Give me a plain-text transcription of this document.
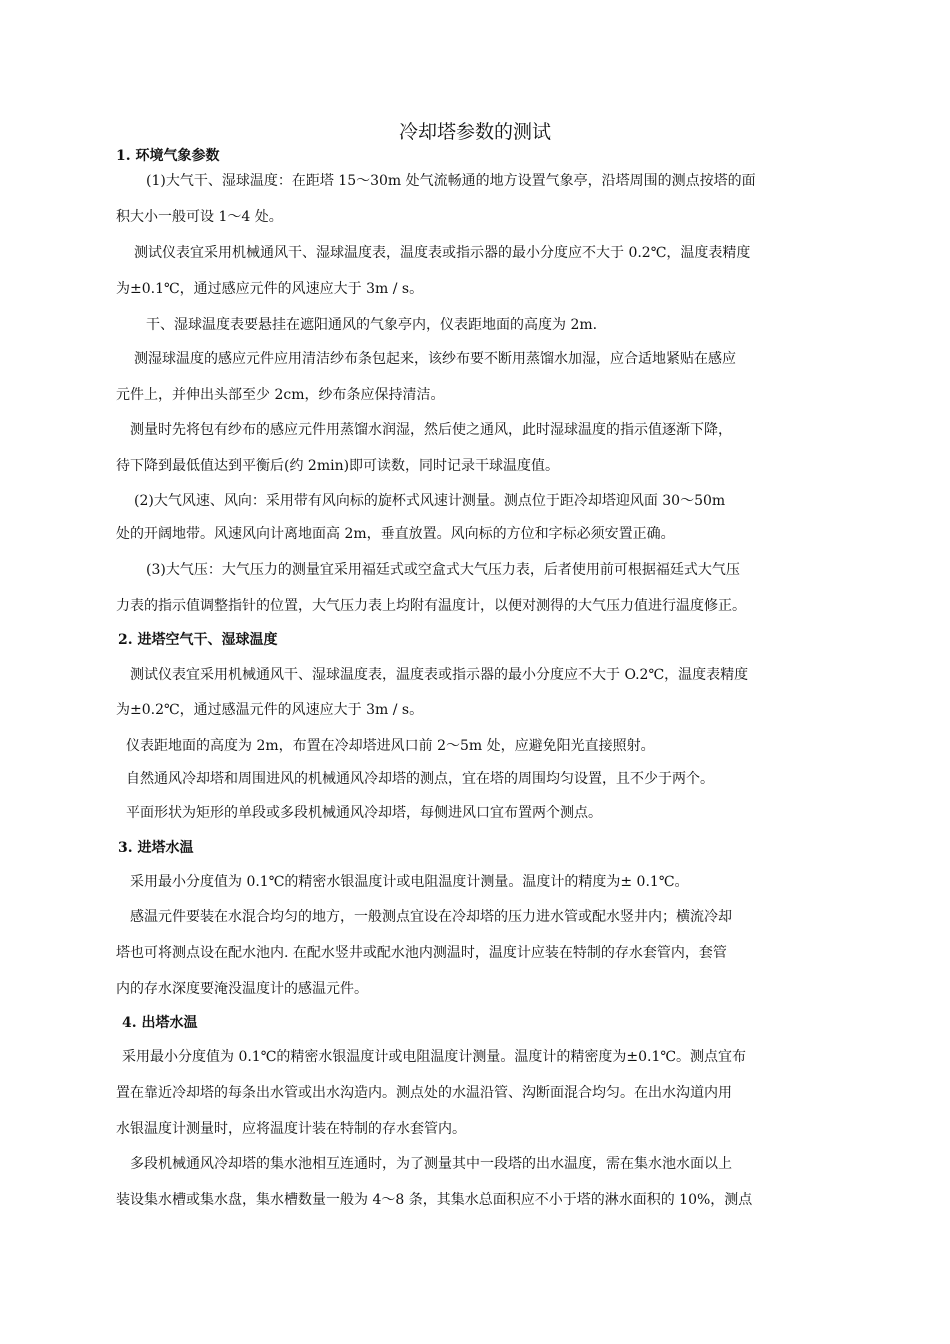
冷却塔参数的测试
1. 环境气象参数
(1)大气干、湿球温度：在距塔 15～30m 处气流畅通的地方设置气象亭，沿塔周围的测点按塔的面
积大小一般可设 1～4 处。
测试仪表宜采用机械通风干、湿球温度表，温度表或指示器的最小分度应不大于 0.2℃，温度表精度
为±0.1℃，通过感应元件的风速应大于 3m / s。
干、湿球温度表要悬挂在遮阳通风的气象亭内，仪表距地面的高度为 2m.
测湿球温度的感应元件应用清洁纱布条包起来，该纱布要不断用蒸馏水加湿，应合适地紧贴在感应
元件上，并伸出头部至少 2cm，纱布条应保持清洁。
测量时先将包有纱布的感应元件用蒸馏水润湿，然后使之通风，此时湿球温度的指示值逐渐下降，
待下降到最低值达到平衡后(约 2min)即可读数，同时记录干球温度值。
(2)大气风速、风向：采用带有风向标的旋杯式风速计测量。测点位于距冷却塔迎风面 30～50m
处的开阔地带。风速风向计离地面高 2m，垂直放置。风向标的方位和字标必须安置正确。
(3)大气压：大气压力的测量宜采用福廷式或空盒式大气压力表，后者使用前可根据福廷式大气压
力表的指示值调整指针的位置，大气压力表上均附有温度计，以便对测得的大气压力值进行温度修正。
2. 进塔空气干、湿球温度
测试仪表宜采用机械通风干、湿球温度表，温度表或指示器的最小分度应不大于 O.2℃，温度表精度
为±0.2℃，通过感温元件的风速应大于 3m / s。
仪表距地面的高度为 2m，布置在冷却塔进风口前 2～5m 处，应避免阳光直接照射。
自然通风冷却塔和周围进风的机械通风冷却塔的测点，宜在塔的周围均匀设置，且不少于两个。
平面形状为矩形的单段或多段机械通风冷却塔，每侧进风口宜布置两个测点。
3. 进塔水温
采用最小分度值为 0.1℃的精密水银温度计或电阻温度计测量。温度计的精度为± 0.1℃。
感温元件要装在水混合均匀的地方，一般测点宜设在冷却塔的压力进水管或配水竖井内；横流冷却
塔也可将测点设在配水池内. 在配水竖井或配水池内测温时，温度计应装在特制的存水套管内，套管
内的存水深度要淹没温度计的感温元件。
4. 出塔水温
采用最小分度值为 0.1℃的精密水银温度计或电阻温度计测量。温度计的精密度为±0.1℃。测点宜布
置在靠近冷却塔的每条出水管或出水沟造内。测点处的水温沿管、沟断面混合均匀。在出水沟道内用
水银温度计测量时，应将温度计装在特制的存水套管内。
多段机械通风冷却塔的集水池相互连通时，为了测量其中一段塔的出水温度，需在集水池水面以上
装设集水槽或集水盘，集水槽数量一般为 4～8 条，其集水总面积应不小于塔的淋水面积的 10%，测点
